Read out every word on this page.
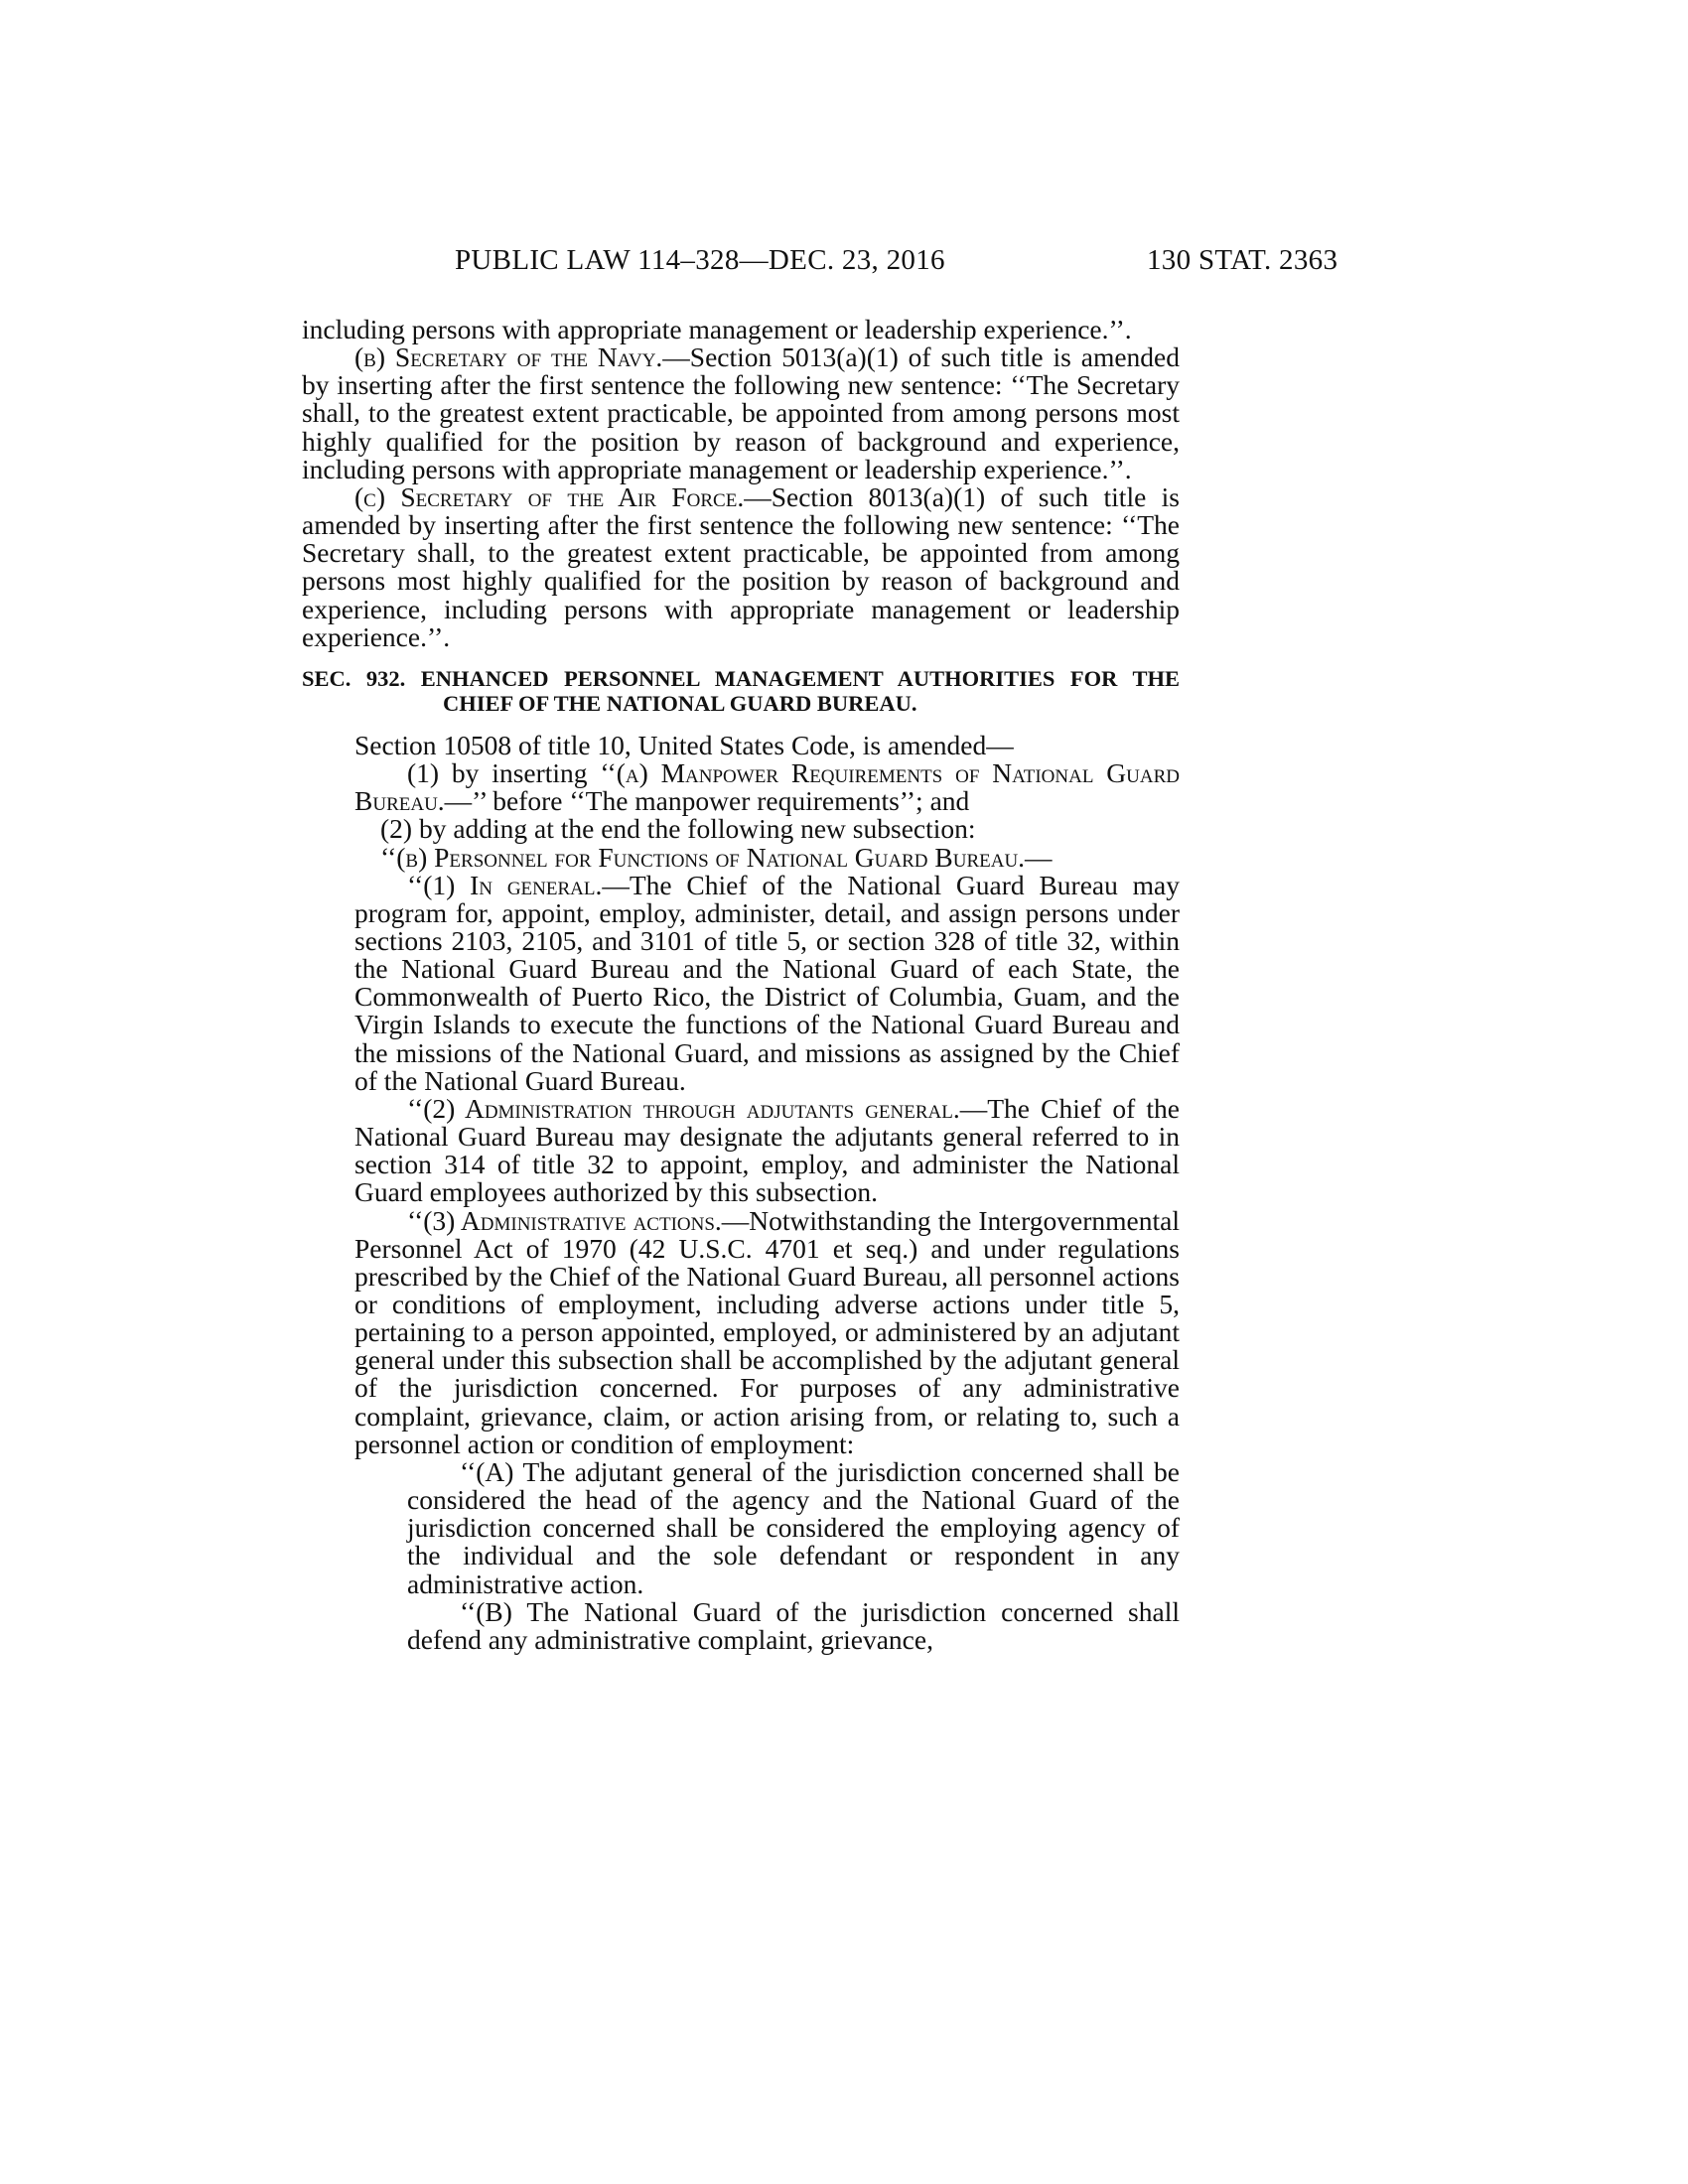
PUBLIC LAW 114–328—DEC. 23, 2016	130 STAT. 2363

including persons with appropriate management or leadership experience.’’.

(b) Secretary of the Navy.—Section 5013(a)(1) of such title is amended by inserting after the first sentence the following new sentence: ‘‘The Secretary shall, to the greatest extent practicable, be appointed from among persons most highly qualified for the position by reason of background and experience, including persons with appropriate management or leadership experience.’’.

(c) Secretary of the Air Force.—Section 8013(a)(1) of such title is amended by inserting after the first sentence the following new sentence: ‘‘The Secretary shall, to the greatest extent practicable, be appointed from among persons most highly qualified for the position by reason of background and experience, including persons with appropriate management or leadership experience.’’.

SEC. 932. ENHANCED PERSONNEL MANAGEMENT AUTHORITIES FOR THE CHIEF OF THE NATIONAL GUARD BUREAU.

Section 10508 of title 10, United States Code, is amended—

(1) by inserting ‘‘(a) Manpower Requirements of National Guard Bureau.—’’ before ‘‘The manpower requirements’’; and

(2) by adding at the end the following new subsection:

‘‘(b) Personnel for Functions of National Guard Bureau.—

‘‘(1) In general.—The Chief of the National Guard Bureau may program for, appoint, employ, administer, detail, and assign persons under sections 2103, 2105, and 3101 of title 5, or section 328 of title 32, within the National Guard Bureau and the National Guard of each State, the Commonwealth of Puerto Rico, the District of Columbia, Guam, and the Virgin Islands to execute the functions of the National Guard Bureau and the missions of the National Guard, and missions as assigned by the Chief of the National Guard Bureau.

‘‘(2) Administration through adjutants general.—The Chief of the National Guard Bureau may designate the adjutants general referred to in section 314 of title 32 to appoint, employ, and administer the National Guard employees authorized by this subsection.

‘‘(3) Administrative actions.—Notwithstanding the Intergovernmental Personnel Act of 1970 (42 U.S.C. 4701 et seq.) and under regulations prescribed by the Chief of the National Guard Bureau, all personnel actions or conditions of employment, including adverse actions under title 5, pertaining to a person appointed, employed, or administered by an adjutant general under this subsection shall be accomplished by the adjutant general of the jurisdiction concerned. For purposes of any administrative complaint, grievance, claim, or action arising from, or relating to, such a personnel action or condition of employment:

‘‘(A) The adjutant general of the jurisdiction concerned shall be considered the head of the agency and the National Guard of the jurisdiction concerned shall be considered the employing agency of the individual and the sole defendant or respondent in any administrative action.

‘‘(B) The National Guard of the jurisdiction concerned shall defend any administrative complaint, grievance,
